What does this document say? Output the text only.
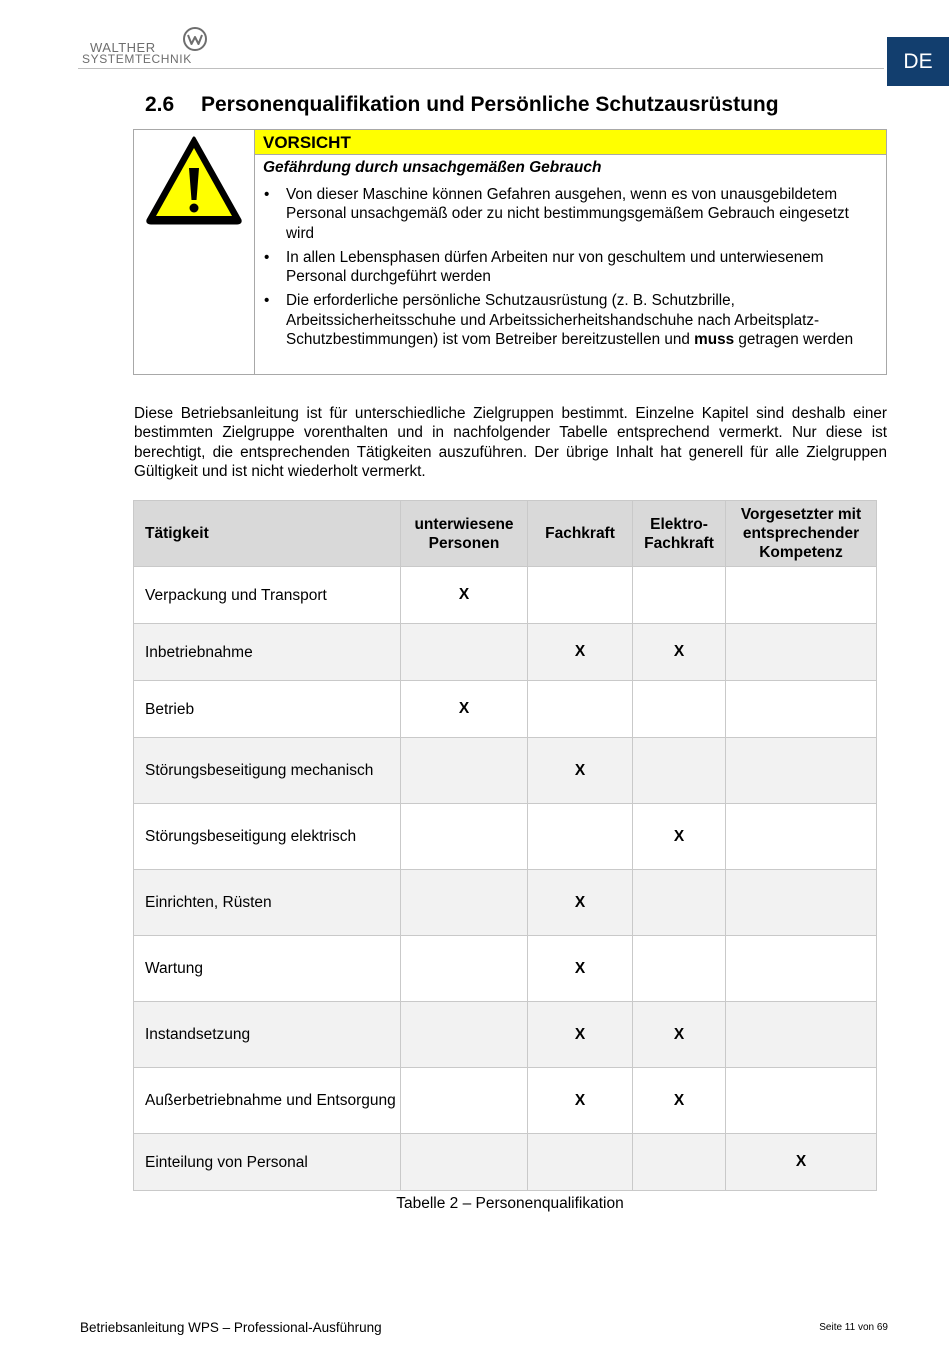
WALTHER
SYSTEMTECHNIK	DE
2.6 Personenqualifikation und Persönliche Schutzausrüstung
VORSICHT
Gefährdung durch unsachgemäßen Gebrauch
• Von dieser Maschine können Gefahren ausgehen, wenn es von unausgebildetem Personal unsachgemäß oder zu nicht bestimmungsgemäßem Gebrauch eingesetzt wird
• In allen Lebensphasen dürfen Arbeiten nur von geschultem und unterwiesenem Personal durchgeführt werden
• Die erforderliche persönliche Schutzausrüstung (z. B. Schutzbrille, Arbeitssicherheitsschuhe und Arbeitssicherheitshandschuhe nach Arbeitsplatz-Schutzbestimmungen) ist vom Betreiber bereitzustellen und muss getragen werden

Diese Betriebsanleitung ist für unterschiedliche Zielgruppen bestimmt. Einzelne Kapitel sind deshalb einer bestimmten Zielgruppe vorenthalten und in nachfolgender Tabelle entsprechend vermerkt. Nur diese ist berechtigt, die entsprechenden Tätigkeiten auszuführen. Der übrige Inhalt hat generell für alle Zielgruppen Gültigkeit und ist nicht wiederholt vermerkt.

Tätigkeit	unterwiesene Personen	Fachkraft	Elektro-Fachkraft	Vorgesetzter mit entsprechender Kompetenz
Verpackung und Transport	X			
Inbetriebnahme		X	X	
Betrieb	X			
Störungsbeseitigung mechanisch		X		
Störungsbeseitigung elektrisch			X	
Einrichten, Rüsten		X		
Wartung		X		
Instandsetzung		X	X	
Außerbetriebnahme und Entsorgung		X	X	
Einteilung von Personal				X
Tabelle 2 – Personenqualifikation
Betriebsanleitung WPS – Professional-Ausführung	Seite 11 von 69
